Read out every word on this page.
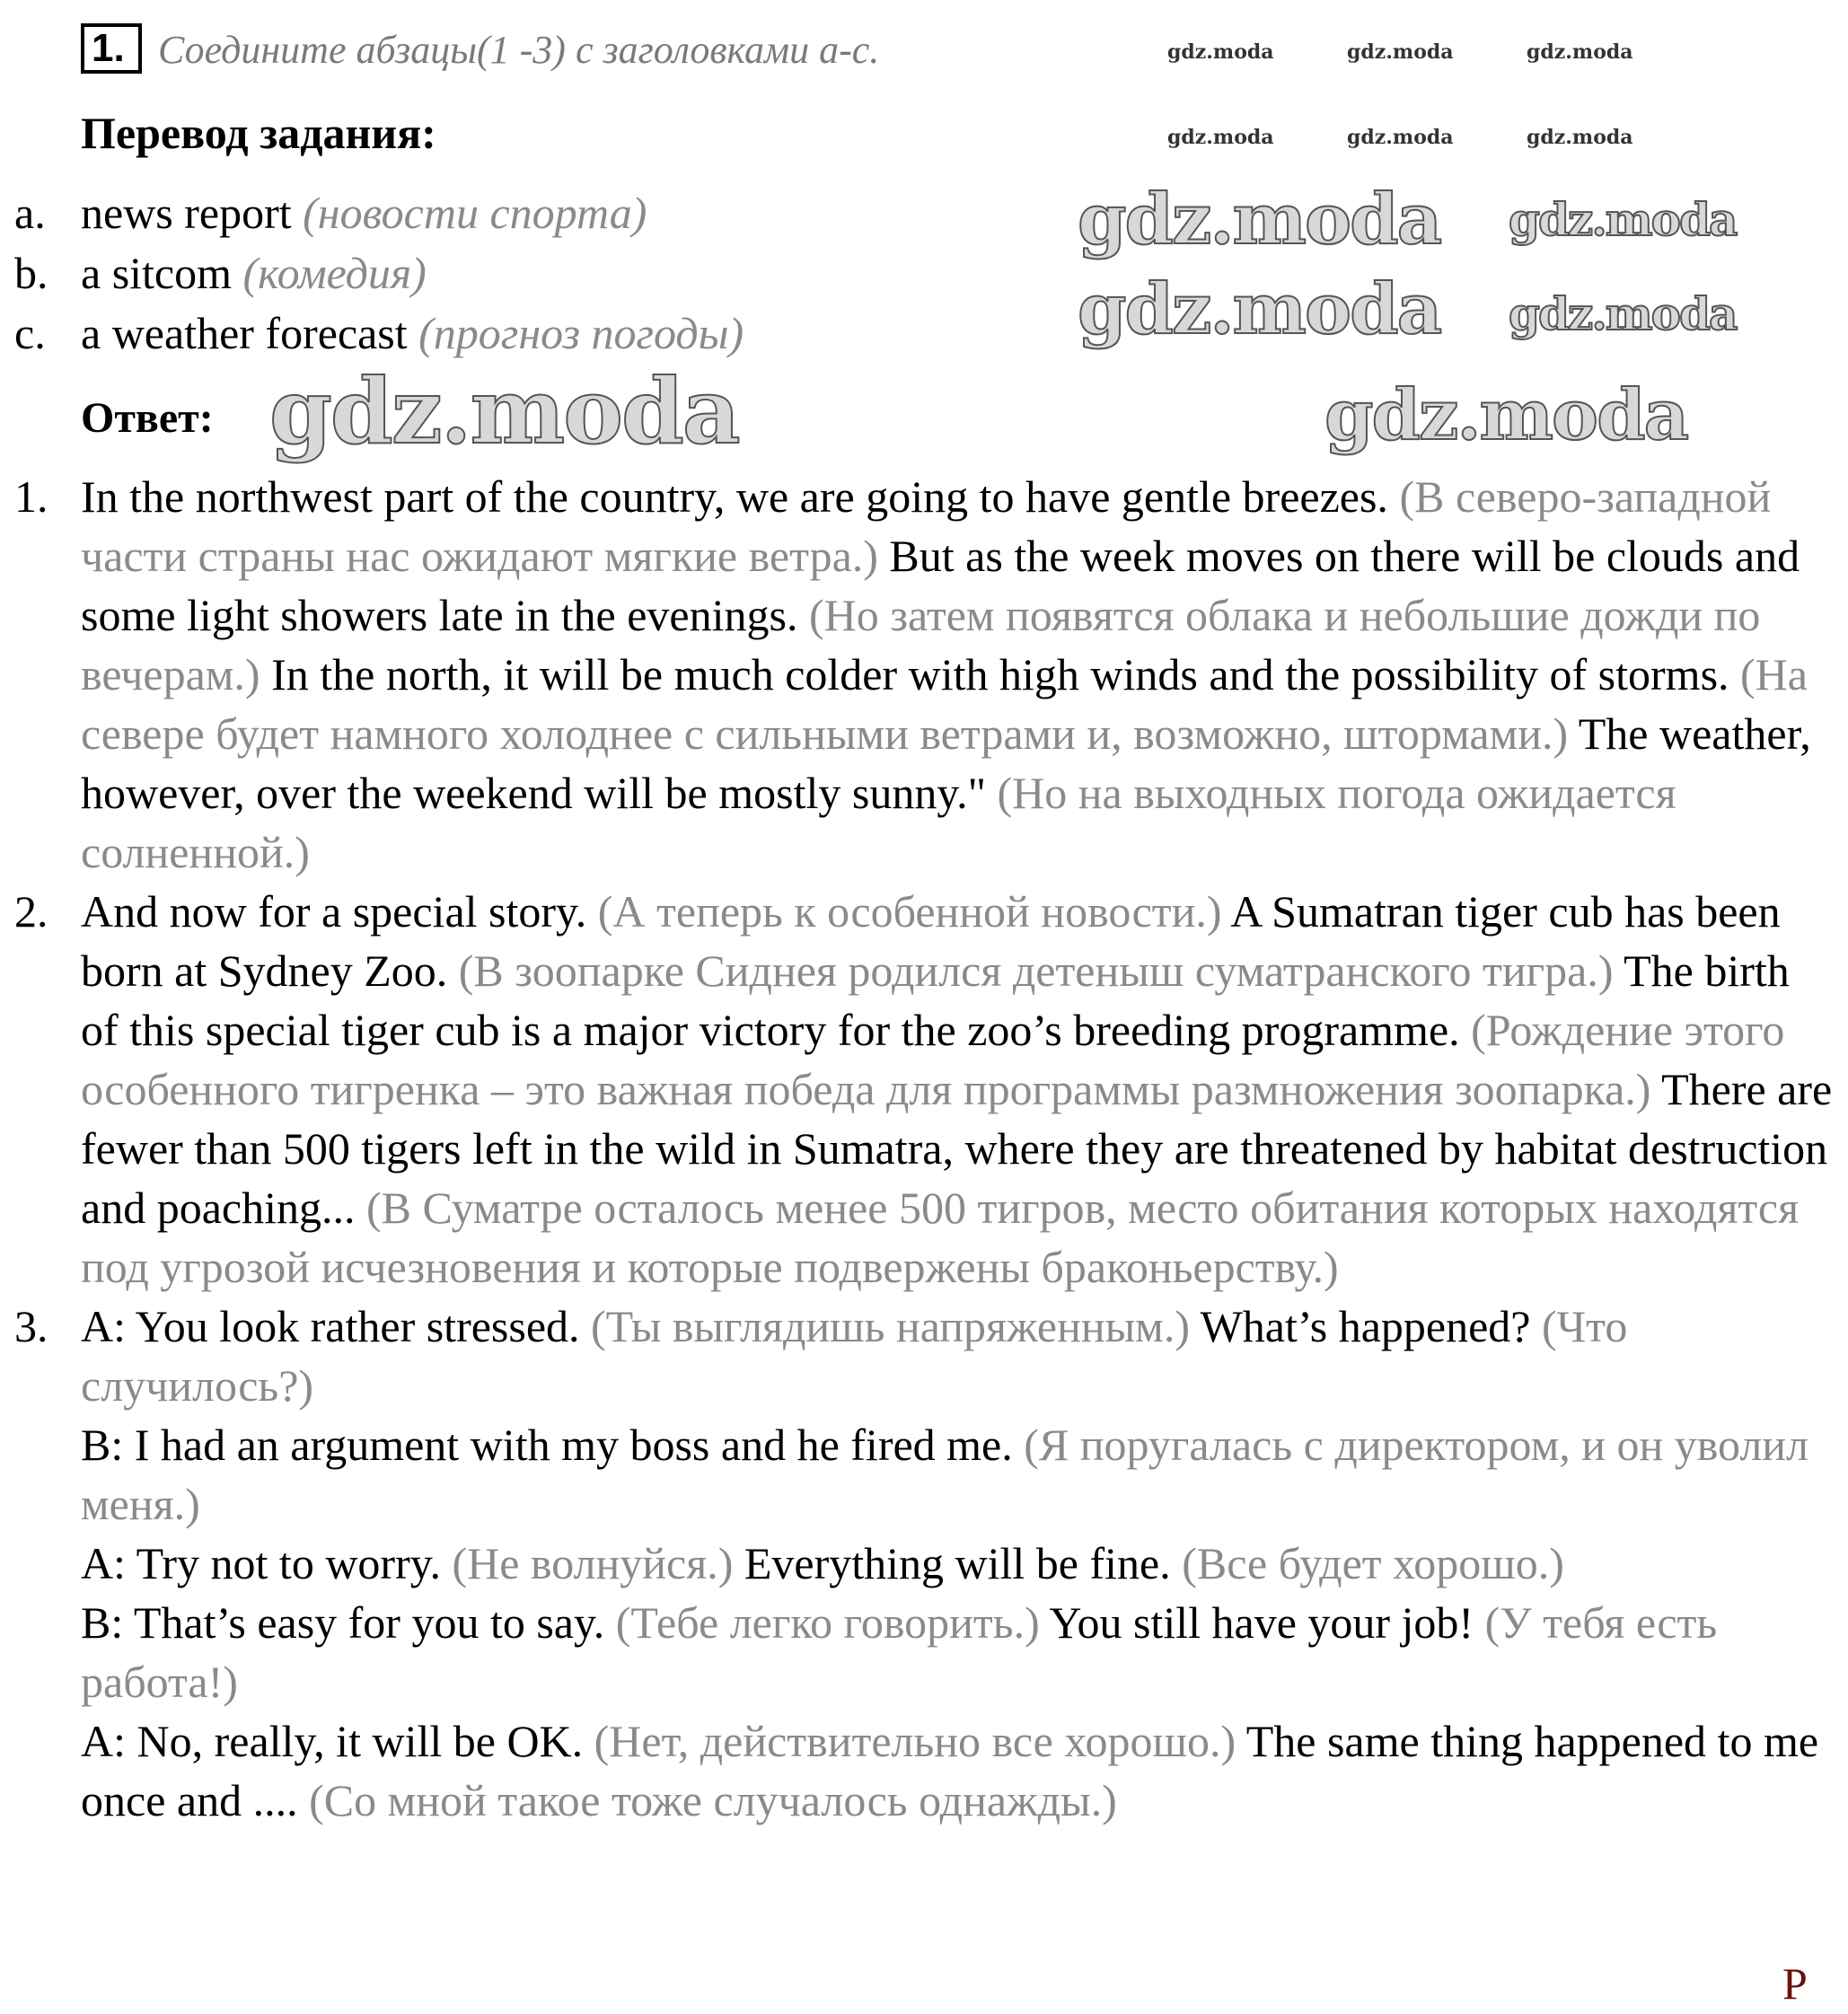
1. Соедините абзацы(1 -3) с заголовками a-c.
Перевод задания:
a. news report (новости спорта)
b. a sitcom (комедия)
c. a weather forecast (прогноз погоды)
Ответ:
1. In the northwest part of the country, we are going to have gentle breezes. (В северо-западной части страны нас ожидают мягкие ветра.) But as the week moves on there will be clouds and some light showers late in the evenings. (Но затем появятся облака и небольшие дожди по вечерам.) In the north, it will be much colder with high winds and the possibility of storms. (На севере будет намного холоднее с сильными ветрами и, возможно, штормами.) The weather, however, over the weekend will be mostly sunny." (Но на выходных погода ожидается солненной.)
2. And now for a special story. (А теперь к особенной новости.) A Sumatran tiger cub has been born at Sydney Zoo. (В зоопарке Сиднея родился детеныш суматранского тигра.) The birth of this special tiger cub is a major victory for the zoo’s breeding programme. (Рождение этого особенного тигренка – это важная победа для программы размножения зоопарка.) There are fewer than 500 tigers left in the wild in Sumatra, where they are threatened by habitat destruction and poaching... (В Суматре осталось менее 500 тигров, место обитания которых находятся под угрозой исчезновения и которые подвержены браконьерству.)
3. A: You look rather stressed. (Ты выглядишь напряженным.) What’s happened? (Что случилось?)

B: I had an argument with my boss and he fired me. (Я поругалась с директором, и он уволил меня.)

A: Try not to worry. (Не волнуйся.) Everything will be fine. (Все будет хорошо.)

B: That’s easy for you to say. (Тебе легко говорить.) You still have your job! (У тебя есть работа!)

A: No, really, it will be OK. (Нет, действительно все хорошо.) The same thing happened to me once and .... (Со мной такое тоже случалось однажды.)

gdz.moda	gdz.moda
gdz.moda
gdz.moda
gdz.moda
gdz.moda
gdz.moda	gdz.moda	gdz.moda
gdz.moda	gdz.moda	gdz.moda
P
